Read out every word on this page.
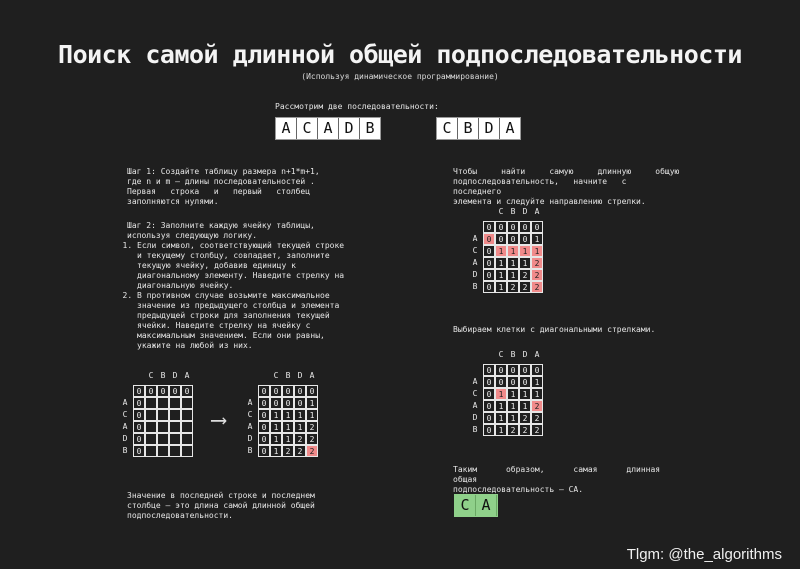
Поиск самой длинной общей подпоследовательности
(Используя динамическое программирование)
Рассмотрим две последовательности:
A C A D B	C B D A
Шаг 1: Создайте таблицу размера n+1*m+1,
где n и m — длины последовательностей .
Первая   строка   и   первый   столбец
заполняются нулями.
Шаг 2: Заполните каждую ячейку таблицы,
используя следующую логику.
1. Если символ, соответствующий текущей строке и текущему столбцу, совпадает, заполните текущую ячейку, добавив единицу к диагональному элементу. Наведите стрелку на диагональную ячейку.
2. В противном случае возьмите максимальное значение из предыдущего столбца и элемента предыдущей строки для заполнения текущей ячейки. Наведите стрелку на ячейку с максимальным значением. Если они равны, укажите на любой из них.
C B D A
A
C
A
D
B
0 0 0 0 0
0
0
0
0
0
⟶
C B D A
A
C
A
D
B
0 0 0 0 0
0 0 0 0 1
0 1 1 1 1
0 1 1 1 2
0 1 1 2 2
0 1 2 2 2
Значение в последней строке и последнем
столбце — это длина самой длинной общей
подпоследовательности.
Чтобы     найти     самую     длинную     общую
подпоследовательность,   начните   с   последнего
элемента и следуйте направлению стрелки.
C B D A
A
C
A
D
B
0 0 0 0 0
0 0 0 0 1
0 1 1 1 1
0 1 1 1 2
0 1 1 2 2
0 1 2 2 2
Выбираем клетки с диагональными стрелками.
C B D A
A
C
A
D
B
0 0 0 0 0
0 0 0 0 1
0 1 1 1 1
0 1 1 1 2
0 1 1 2 2
0 1 2 2 2
Таким      образом,      самая      длинная      общая
подпоследовательность — CA.
C A
Tlgm: @the_algorithms
